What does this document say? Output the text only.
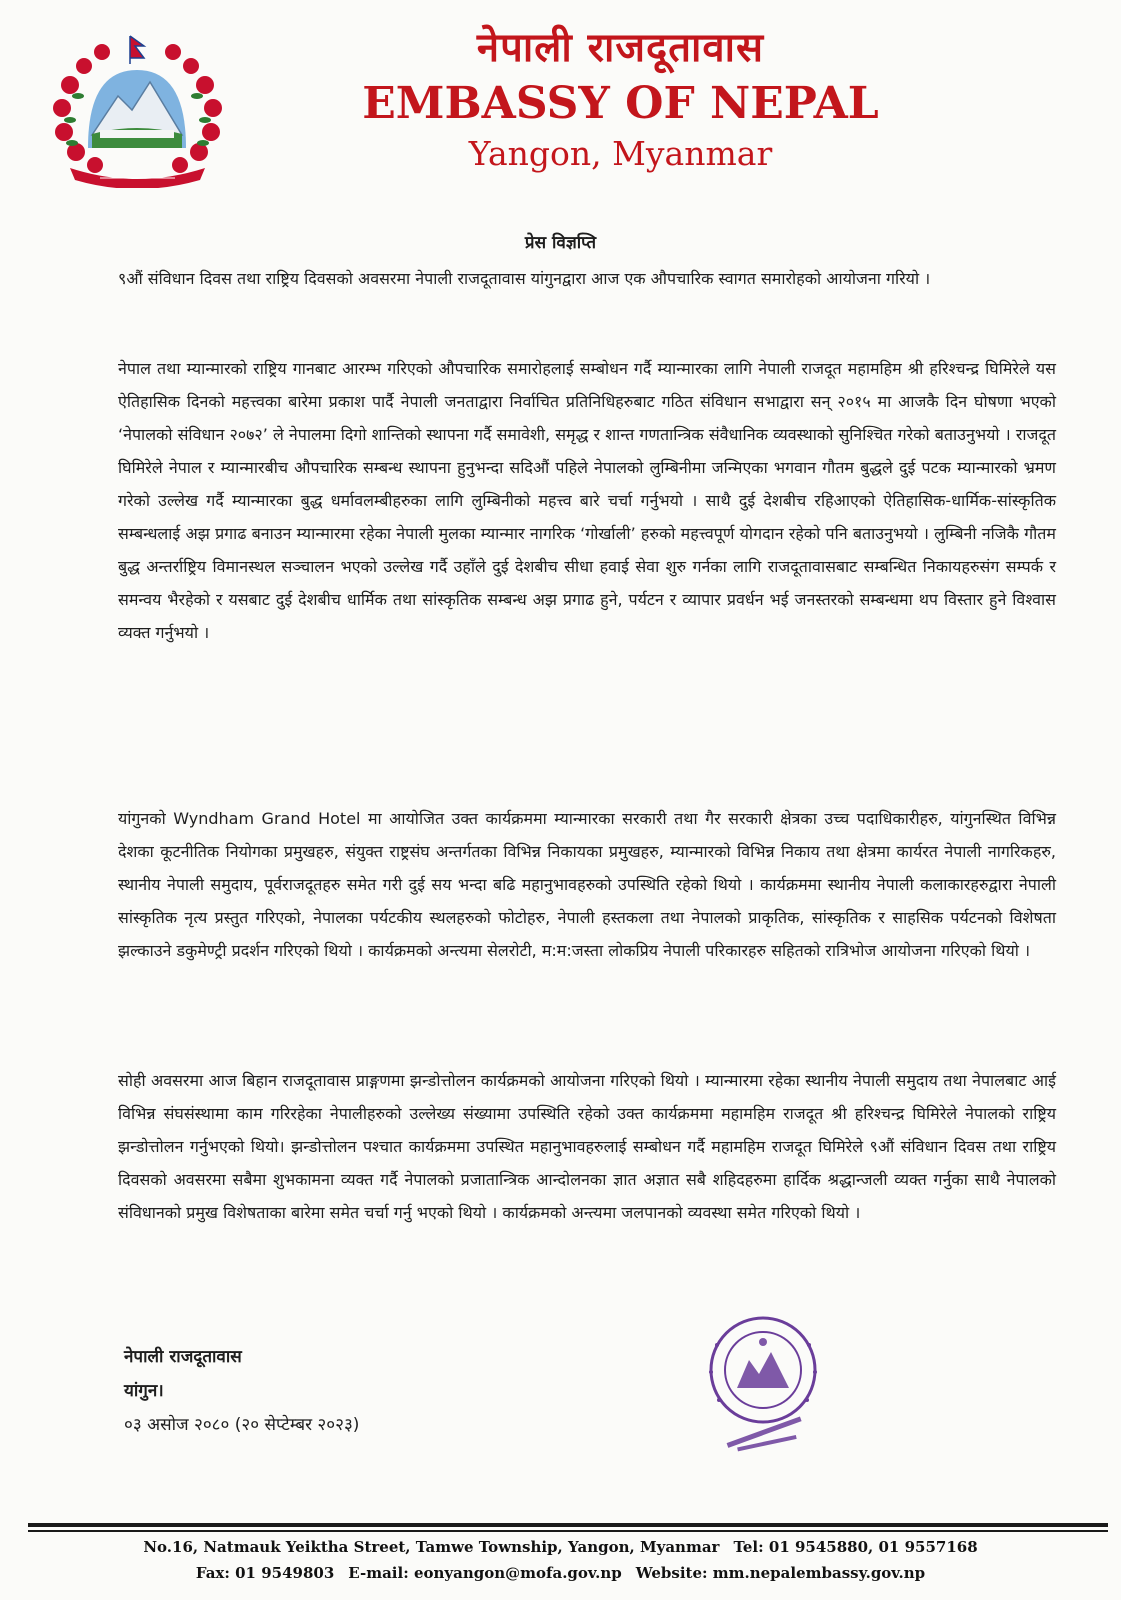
नेपाली राजदूतावास
EMBASSY OF NEPAL
Yangon, Myanmar
प्रेस विज्ञप्ति

९औं संविधान दिवस तथा राष्ट्रिय दिवसको अवसरमा नेपाली राजदूतावास यांगुनद्वारा आज एक औपचारिक स्वागत समारोहको आयोजना गरियो ।

नेपाल तथा म्यान्मारको राष्ट्रिय गानबाट आरम्भ गरिएको औपचारिक समारोहलाई सम्बोधन गर्दै म्यान्मारका लागि नेपाली राजदूत महामहिम श्री हरिश्चन्द्र घिमिरेले यस ऐतिहासिक दिनको महत्त्वका बारेमा प्रकाश पार्दै नेपाली जनताद्वारा निर्वाचित प्रतिनिधिहरुबाट गठित संविधान सभाद्वारा सन् २०१५ मा आजकै दिन घोषणा भएको ‘नेपालको संविधान २०७२’ ले नेपालमा दिगो शान्तिको स्थापना गर्दै समावेशी, समृद्ध र शान्त गणतान्त्रिक संवैधानिक व्यवस्थाको सुनिश्चित गरेको बताउनुभयो । राजदूत घिमिरेले नेपाल र म्यान्मारबीच औपचारिक सम्बन्ध स्थापना हुनुभन्दा सदिऔं पहिले नेपालको लुम्बिनीमा जन्मिएका भगवान गौतम बुद्धले दुई पटक म्यान्मारको भ्रमण गरेको उल्लेख गर्दै म्यान्मारका बुद्ध धर्मावलम्बीहरुका लागि लुम्बिनीको महत्त्व बारे चर्चा गर्नुभयो । साथै दुई देशबीच रहिआएको ऐतिहासिक-धार्मिक-सांस्कृतिक सम्बन्धलाई अझ प्रगाढ बनाउन म्यान्मारमा रहेका नेपाली मुलका म्यान्मार नागरिक ‘गोर्खाली’ हरुको महत्त्वपूर्ण योगदान रहेको पनि बताउनुभयो । लुम्बिनी नजिकै गौतम बुद्ध अन्तर्राष्ट्रिय विमानस्थल सञ्चालन भएको उल्लेख गर्दै उहाँले दुई देशबीच सीधा हवाई सेवा शुरु गर्नका लागि राजदूतावासबाट सम्बन्धित निकायहरुसंग सम्पर्क र समन्वय भैरहेको र यसबाट दुई देशबीच धार्मिक तथा सांस्कृतिक सम्बन्ध अझ प्रगाढ हुने, पर्यटन र व्यापार प्रवर्धन भई जनस्तरको सम्बन्धमा थप विस्तार हुने विश्वास व्यक्त गर्नुभयो ।

यांगुनको Wyndham Grand Hotel मा आयोजित उक्त कार्यक्रममा म्यान्मारका सरकारी तथा गैर सरकारी क्षेत्रका उच्च पदाधिकारीहरु, यांगुनस्थित विभिन्न देशका कूटनीतिक नियोगका प्रमुखहरु, संयुक्त राष्ट्रसंघ अन्तर्गतका विभिन्न निकायका प्रमुखहरु, म्यान्मारको विभिन्न निकाय तथा क्षेत्रमा कार्यरत नेपाली नागरिकहरु, स्थानीय नेपाली समुदाय, पूर्वराजदूतहरु समेत गरी दुई सय भन्दा बढि महानुभावहरुको उपस्थिति रहेको थियो । कार्यक्रममा स्थानीय नेपाली कलाकारहरुद्वारा नेपाली सांस्कृतिक नृत्य प्रस्तुत गरिएको, नेपालका पर्यटकीय स्थलहरुको फोटोहरु, नेपाली हस्तकला तथा नेपालको प्राकृतिक, सांस्कृतिक र साहसिक पर्यटनको विशेषता झल्काउने डकुमेण्ट्री प्रदर्शन गरिएको थियो । कार्यक्रमको अन्त्यमा सेलरोटी, म:म:जस्ता लोकप्रिय नेपाली परिकारहरु सहितको रात्रिभोज आयोजना गरिएको थियो ।

सोही अवसरमा आज बिहान राजदूतावास प्राङ्गणमा झन्डोत्तोलन कार्यक्रमको आयोजना गरिएको थियो । म्यान्मारमा रहेका स्थानीय नेपाली समुदाय तथा नेपालबाट आई विभिन्न संघसंस्थामा काम गरिरहेका नेपालीहरुको उल्लेख्य संख्यामा उपस्थिति रहेको उक्त कार्यक्रममा महामहिम राजदूत श्री हरिश्चन्द्र घिमिरेले नेपालको राष्ट्रिय झन्डोत्तोलन गर्नुभएको थियो। झन्डोत्तोलन पश्चात कार्यक्रममा उपस्थित महानुभावहरुलाई सम्बोधन गर्दै महामहिम राजदूत घिमिरेले ९औं संविधान दिवस तथा राष्ट्रिय दिवसको अवसरमा सबैमा शुभकामना व्यक्त गर्दै नेपालको प्रजातान्त्रिक आन्दोलनका ज्ञात अज्ञात सबै शहिदहरुमा हार्दिक श्रद्धान्जली व्यक्त गर्नुका साथै नेपालको संविधानको प्रमुख विशेषताका बारेमा समेत चर्चा गर्नु भएको थियो । कार्यक्रमको अन्त्यमा जलपानको व्यवस्था समेत गरिएको थियो ।

नेपाली राजदूतावास
यांगुन।
०३ असोज २०८० (२० सेप्टेम्बर २०२३)
No.16, Natmauk Yeiktha Street, Tamwe Township, Yangon, Myanmar Tel: 01 9545880, 01 9557168
Fax: 01 9549803 E-mail: eonyangon@mofa.gov.np Website: mm.nepalembassy.gov.np
